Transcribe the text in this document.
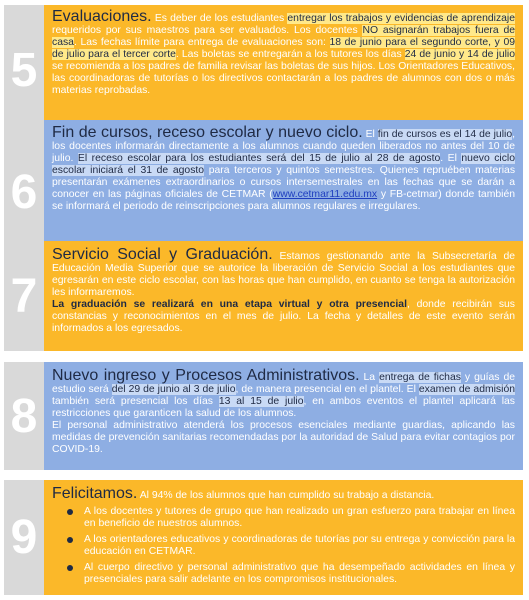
5

Evaluaciones. Es deber de los estudiantes entregar los trabajos y evidencias de aprendizaje requeridos por sus maestros para ser evaluados. Los docentes NO asignarán trabajos fuera de casa. Las fechas límite para entrega de evaluaciones son: 18 de junio para el segundo corte, y 09 de julio para el tercer corte. Las boletas se entregarán a los tutores los días 24 de junio y 14 de julio se recomienda a los padres de familia revisar las boletas de sus hijos. Los Orientadores Educativos, las coordinadoras de tutorías o los directivos contactarán a los padres de alumnos con dos o más materias reprobadas.

6

Fin de cursos, receso escolar y nuevo ciclo. El fin de cursos es el 14 de julio, los docentes informarán directamente a los alumnos cuando queden liberados no antes del 10 de julio. El receso escolar para los estudiantes será del 15 de julio al 28 de agosto. El nuevo ciclo escolar iniciará el 31 de agosto para terceros y quintos semestres. Quienes repruében materias presentarán exámenes extraordinarios o cursos intersemestrales en las fechas que se darán a conocer en las páginas oficiales de CETMAR (www.cetmar11.edu.mx y FB-cetmar) donde también se informará el periodo de reinscripciones para alumnos regulares e irregulares.

7

Servicio Social y Graduación. Estamos gestionando ante la Subsecretaría de Educación Media Superior que se autorice la liberación de Servicio Social a los estudiantes que egresarán en este ciclo escolar, con las horas que han cumplido, en cuanto se tenga la autorización les informaremos.

La graduación se realizará en una etapa virtual y otra presencial, donde recibirán sus constancias y reconocimientos en el mes de julio. La fecha y detalles de este evento serán informados a los egresados.

8

Nuevo ingreso y Procesos Administrativos. La entrega de fichas y guías de estudio será del 29 de junio al 3 de julio, de manera presencial en el plantel. El examen de admisión también será presencial los días 13 al 15 de julio, en ambos eventos el plantel aplicará las restricciones que garanticen la salud de los alumnos.

El personal administrativo atenderá los procesos esenciales mediante guardias, aplicando las medidas de prevención sanitarias recomendadas por la autoridad de Salud para evitar contagios por COVID-19.

9

Felicitamos. Al 94% de los alumnos que han cumplido su trabajo a distancia.

A los docentes y tutores de grupo que han realizado un gran esfuerzo para trabajar en línea en beneficio de nuestros alumnos.
A los orientadores educativos y coordinadoras de tutorías por su entrega y convicción para la educación en CETMAR.
Al cuerpo directivo y personal administrativo que ha desempeñado actividades en línea y presenciales para salir adelante en los compromisos institucionales.
